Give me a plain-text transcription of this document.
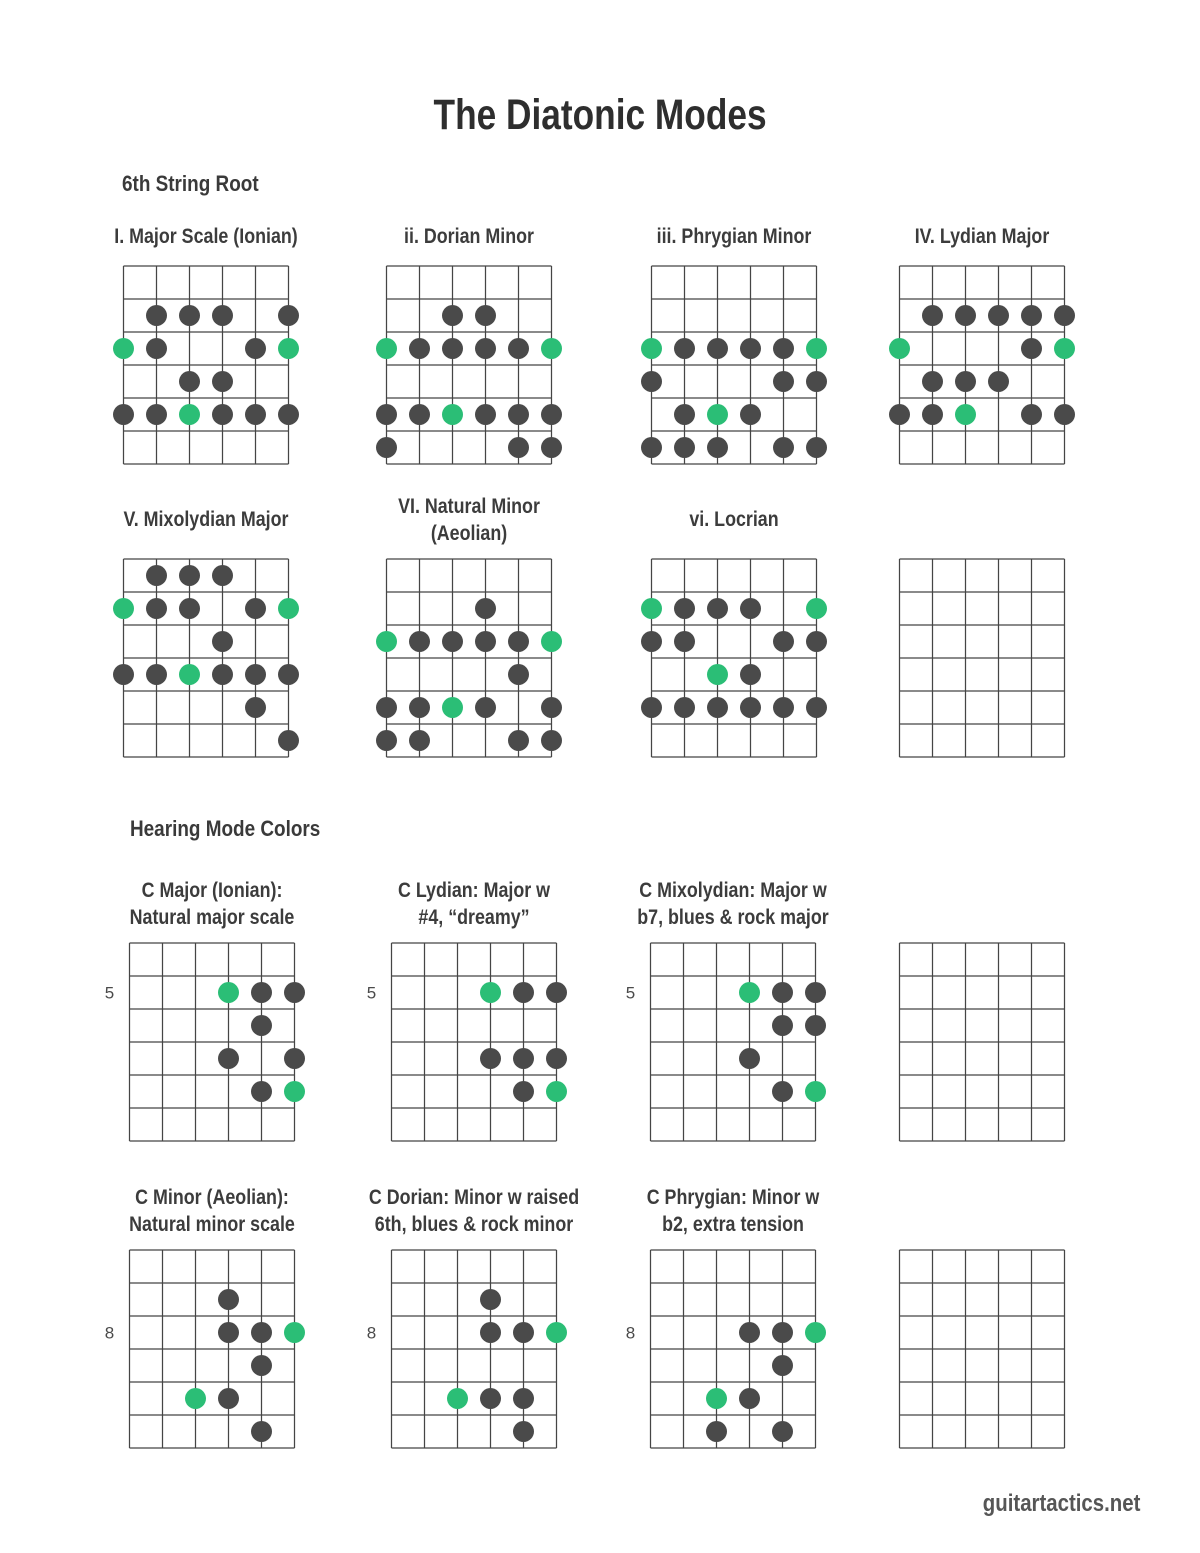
The Diatonic Modes
6th String Root
Hearing Mode Colors
I. Major Scale (Ionian)	ii. Dorian Minor	iii. Phrygian Minor	IV. Lydian Major
V. Mixolydian Major
VI. Natural Minor
(Aeolian)
vi. Locrian
C Major (Ionian):
Natural major scale
5
C Lydian: Major w
#4, “dreamy”
5
C Mixolydian: Major w
b7, blues & rock major
5
C Minor (Aeolian):
Natural minor scale
8
C Dorian: Minor w raised
6th, blues & rock minor
8
C Phrygian: Minor w
b2, extra tension
8
guitartactics.net
